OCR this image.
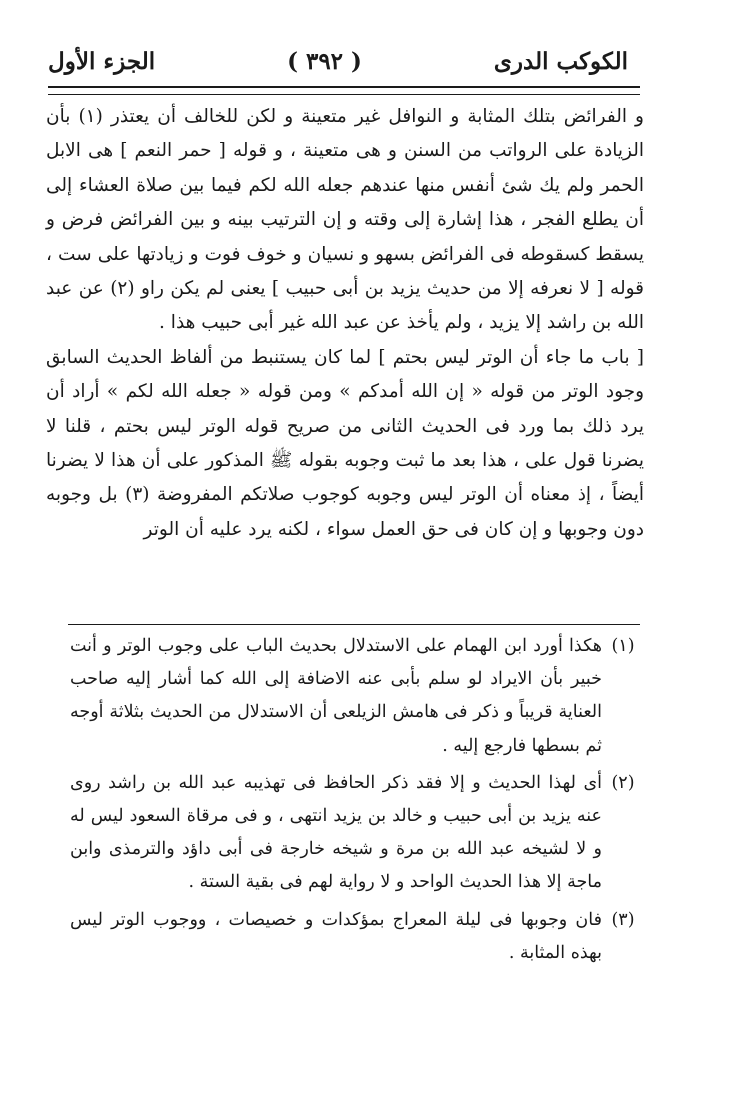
الكوكب الدرى
( ٣٩٢ )
الجزء الأول

و الفرائض بتلك المثابة و النوافل غير متعينة و لكن للخالف أن يعتذر (١) بأن الزيادة على الرواتب من السنن و هى متعينة ، و قوله [ حمر النعم ] هى الابل الحمر ولم يك شئ أنفس منها عندهم جعله الله لكم فيما بين صلاة العشاء إلى أن يطلع الفجر ، هذا إشارة إلى وقته و إن الترتيب بينه و بين الفرائض فرض و يسقط كسقوطه فى الفرائض بسهو و نسيان و خوف فوت و زيادتها على ست ، قوله [ لا نعرفه إلا من حديث يزيد بن أبى حبيب ] يعنى لم يكن راو (٢) عن عبد الله بن راشد إلا يزيد ، ولم يأخذ عن عبد الله غير أبى حبيب هذا .

[ باب ما جاء أن الوتر ليس بحتم ] لما كان يستنبط من ألفاظ الحديث السابق وجود الوتر من قوله « إن الله أمدكم » ومن قوله « جعله الله لكم » أراد أن يرد ذلك بما ورد فى الحديث الثانى من صريح قوله الوتر ليس بحتم ، قلنا لا يضرنا قول على ، هذا بعد ما ثبت وجوبه بقوله ﷺ المذكور على أن هذا لا يضرنا أيضاً ، إذ معناه أن الوتر ليس وجوبه كوجوب صلاتكم المفروضة (٣) بل وجوبه دون وجوبها و إن كان فى حق العمل سواء ، لكنه يرد عليه أن الوتر

(١)
هكذا أورد ابن الهمام على الاستدلال بحديث الباب على وجوب الوتر و أنت خبير بأن الايراد لو سلم بأبى عنه الاضافة إلى الله كما أشار إليه صاحب العناية قريباً و ذكر فى هامش الزيلعى أن الاستدلال من الحديث بثلاثة أوجه ثم بسطها فارجع إليه .
(٢)
أى لهذا الحديث و إلا فقد ذكر الحافظ فى تهذيبه عبد الله بن راشد روى عنه يزيد بن أبى حبيب و خالد بن يزيد انتهى ، و فى مرقاة السعود ليس له و لا لشيخه عبد الله بن مرة و شيخه خارجة فى أبى داؤد والترمذى وابن ماجة إلا هذا الحديث الواحد و لا رواية لهم فى بقية الستة .
(٣)
فان وجوبها فى ليلة المعراج بمؤكدات و خصيصات ، ووجوب الوتر ليس بهذه المثابة .
